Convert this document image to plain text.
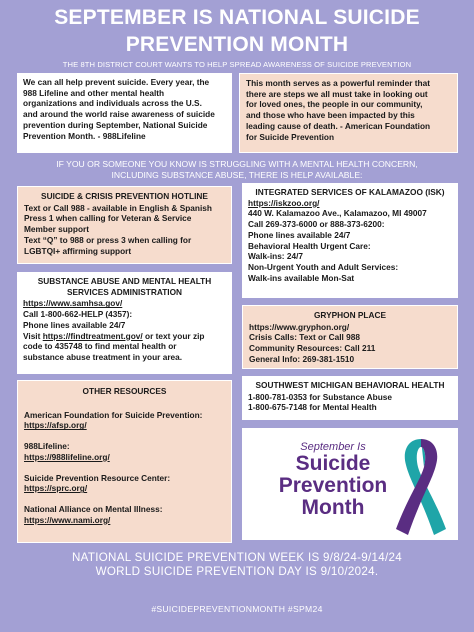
SEPTEMBER IS NATIONAL SUICIDE
PREVENTION MONTH
THE 8TH DISTRICT COURT WANTS TO HELP SPREAD AWARENESS OF SUICIDE PREVENTION
We can all help prevent suicide. Every year, the
988 Lifeline and other mental health
organizations and individuals across the U.S.
and around the world raise awareness of suicide
prevention during September, National Suicide
Prevention Month. - 988Lifeline
This month serves as a powerful reminder that
there are steps we all must take in looking out
for loved ones, the people in our community,
and those who have been impacted by this
leading cause of death. - American Foundation
for Suicide Prevention
IF YOU OR SOMEONE YOU KNOW IS STRUGGLING WITH A MENTAL HEALTH CONCERN,
INCLUDING SUBSTANCE ABUSE, THERE IS HELP AVAILABLE:
SUICIDE & CRISIS PREVENTION HOTLINE
Text or Call 988 - available in English & Spanish
Press 1 when calling for Veteran & Service
Member support
Text “Q” to 988 or press 3 when calling for
LGBTQI+ affirming support
SUBSTANCE ABUSE AND MENTAL HEALTH
SERVICES ADMINISTRATION
https://www.samhsa.gov/
Call 1-800-662-HELP (4357):
Phone lines available 24/7
Visit https://findtreatment.gov/ or text your zip
code to 435748 to find mental health or
substance abuse treatment in your area.
OTHER RESOURCES
American Foundation for Suicide Prevention:
https://afsp.org/
988Lifeline:
https://988lifeline.org/
Suicide Prevention Resource Center:
https://sprc.org/
National Alliance on Mental Illness:
https://www.nami.org/
INTEGRATED SERVICES OF KALAMAZOO (ISK)
https://iskzoo.org/
440 W. Kalamazoo Ave., Kalamazoo, MI 49007
Call 269-373-6000 or 888-373-6200:
Phone lines available 24/7
Behavioral Health Urgent Care:
Walk-ins: 24/7
Non-Urgent Youth and Adult Services:
Walk-ins available Mon-Sat
GRYPHON PLACE
https://www.gryphon.org/
Crisis Calls: Text or Call 988
Community Resources: Call 211
General Info: 269-381-1510
SOUTHWEST MICHIGAN BEHAVIORAL HEALTH
1-800-781-0353 for Substance Abuse
1-800-675-7148 for Mental Health
September Is
Suicide
Prevention
Month
NATIONAL SUICIDE PREVENTION WEEK IS 9/8/24-9/14/24
WORLD SUICIDE PREVENTION DAY IS 9/10/2024.
#SUICIDEPREVENTIONMONTH #SPM24
